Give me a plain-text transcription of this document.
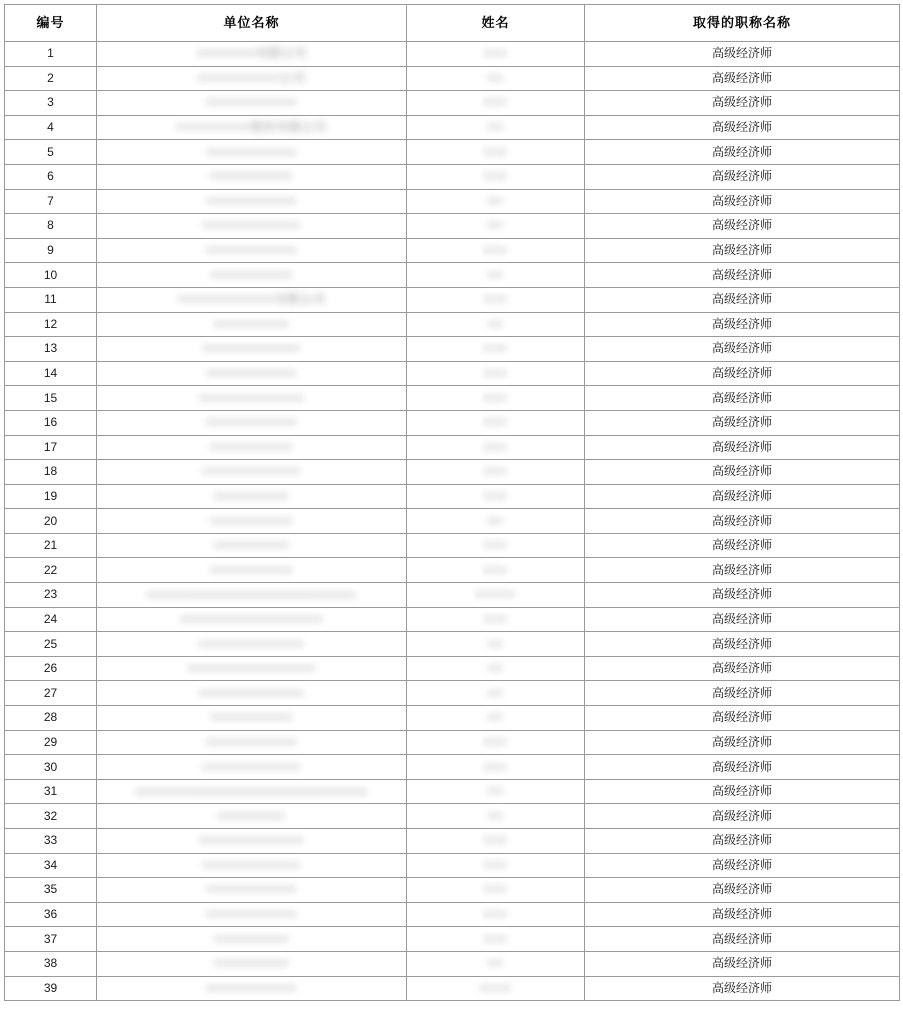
编号	单位名称	姓名	取得的职称名称
1	××××××××有限公司	×××	高级经济师
2	×××××××××××公司	××	高级经济师
3	××××××××××××	×××	高级经济师
4	××××××××××股份有限公司	××	高级经济师
5	××××××××××××	×××	高级经济师
6	×××××××××××	×××	高级经济师
7	××××××××××××	××	高级经济师
8	×××××××××××××	××	高级经济师
9	××××××××××××	×××	高级经济师
10	×××××××××××	××	高级经济师
11	×××××××××××××有限公司	×××	高级经济师
12	××××××××××	××	高级经济师
13	×××××××××××××	×××	高级经济师
14	××××××××××××	×××	高级经济师
15	××××××××××××××	×××	高级经济师
16	××××××××××××	×××	高级经济师
17	×××××××××××	×××	高级经济师
18	×××××××××××××	×××	高级经济师
19	××××××××××	×××	高级经济师
20	×××××××××××	××	高级经济师
21	××××××××××	×××	高级经济师
22	×××××××××××	×××	高级经济师
23	××××××××××××××××××××××××××××	×××××	高级经济师
24	×××××××××××××××××××	×××	高级经济师
25	××××××××××××××	××	高级经济师
26	×××××××××××××××××	××	高级经济师
27	××××××××××××××	××	高级经济师
28	×××××××××××	××	高级经济师
29	××××××××××××	×××	高级经济师
30	×××××××××××××	×××	高级经济师
31	×××××××××××××××××××××××××××××××	××	高级经济师
32	×××××××××	××	高级经济师
33	××××××××××××××	×××	高级经济师
34	×××××××××××××	×××	高级经济师
35	××××××××××××	×××	高级经济师
36	××××××××××××	×××	高级经济师
37	××××××××××	×××	高级经济师
38	××××××××××	××	高级经济师
39	××××××××××××	××××	高级经济师
